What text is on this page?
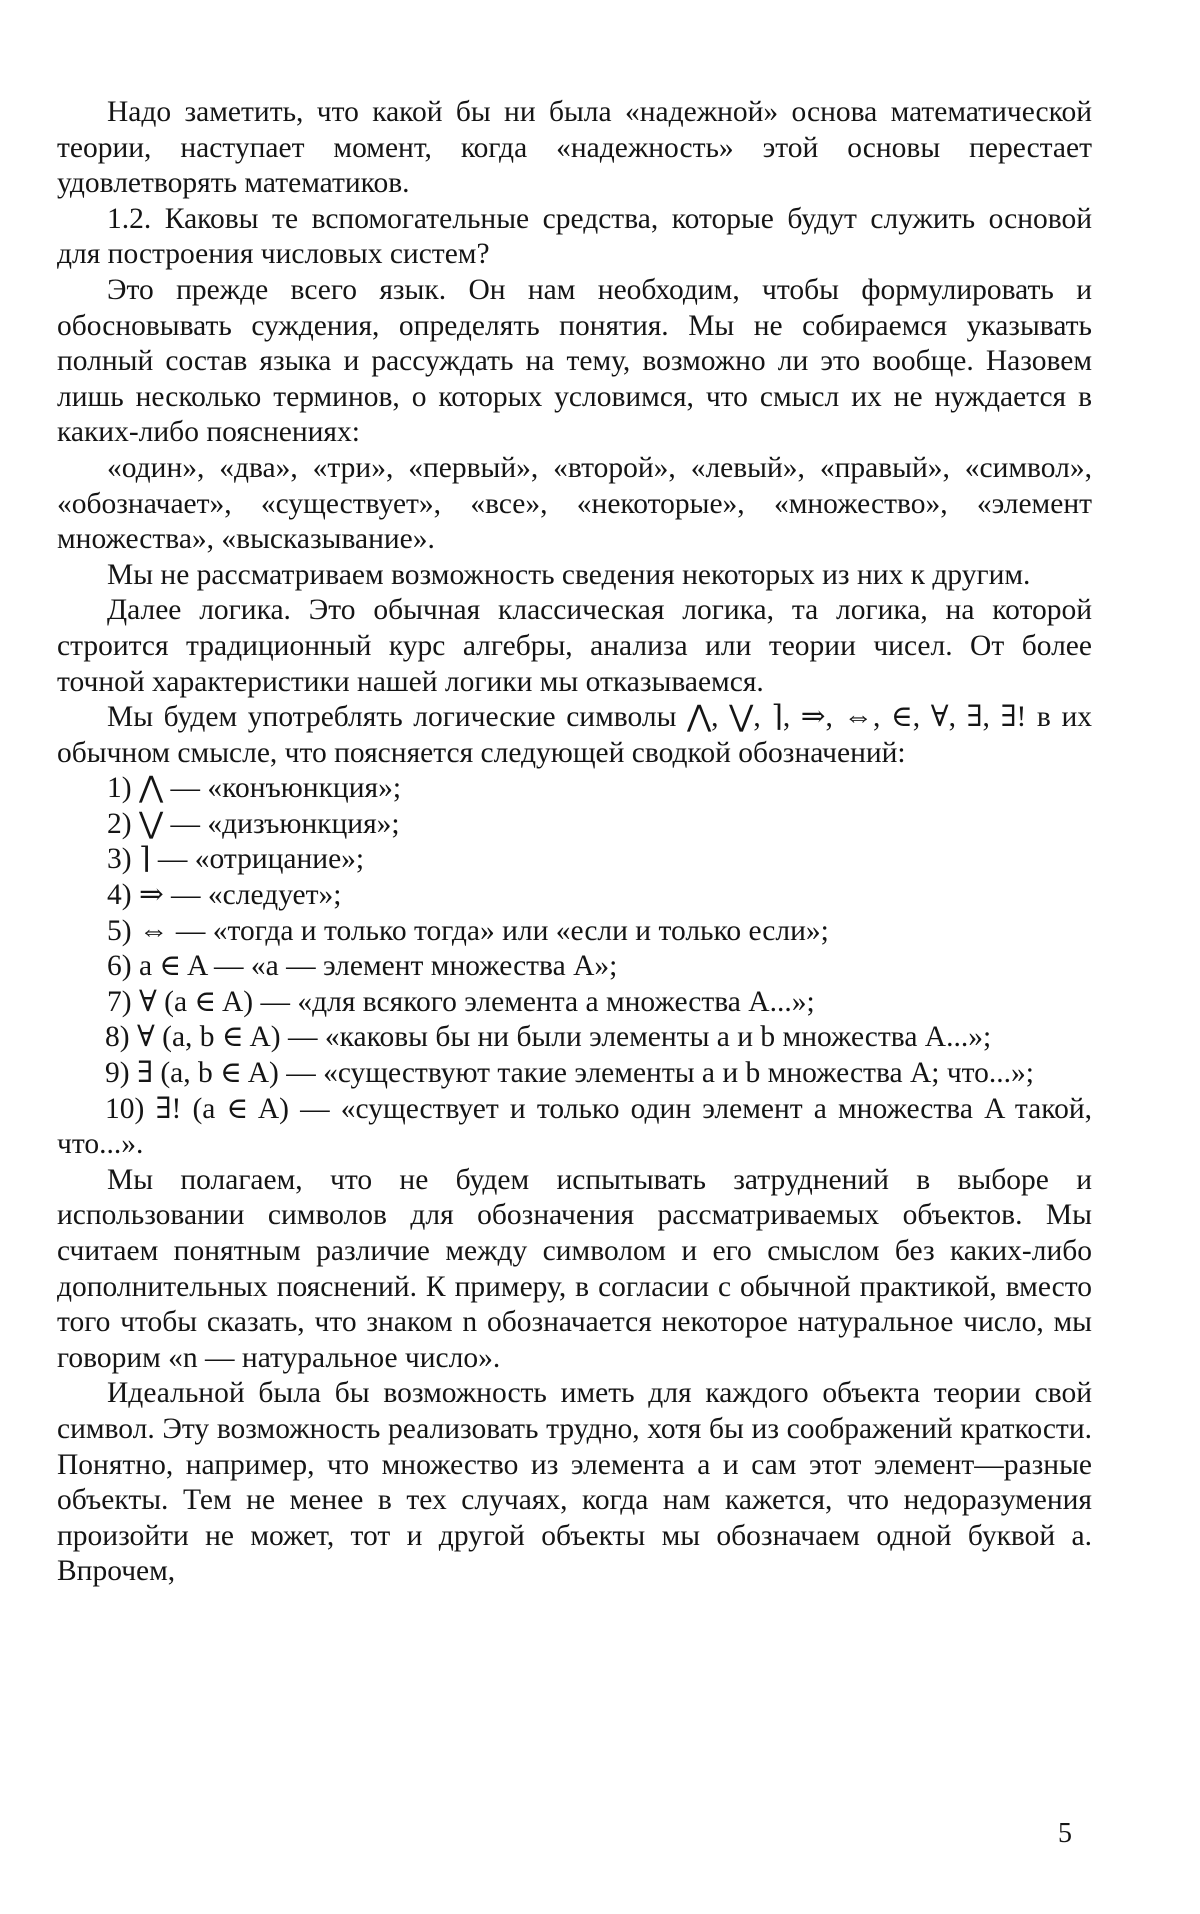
Надо заметить, что какой бы ни была «надежной» основа математической теории, наступает момент, когда «надежность» этой основы перестает удовлетворять математиков.

1.2. Каковы те вспомогательные средства, которые будут служить основой для построения числовых систем?

Это прежде всего язык. Он нам необходим, чтобы формулировать и обосновывать суждения, определять понятия. Мы не собираемся указывать полный состав языка и рассуждать на тему, возможно ли это вообще. Назовем лишь несколько терминов, о которых условимся, что смысл их не нуждается в каких-либо пояснениях:

«один», «два», «три», «первый», «второй», «левый», «правый», «символ», «обозначает», «существует», «все», «некоторые», «множество», «элемент множества», «высказывание».

Мы не рассматриваем возможность сведения некоторых из них к другим.

Далее логика. Это обычная классическая логика, та логика, на которой строится традиционный курс алгебры, анализа или теории чисел. От более точной характеристики нашей логики мы отказываемся.

Мы будем употреблять логические символы ⋀, ⋁, ⌉, ⇒, ⇔, ∈, ∀, ∃, ∃! в их обычном смысле, что поясняется следующей сводкой обозначений:

1) ⋀ — «конъюнкция»;

2) ⋁ — «дизъюнкция»;

3) ⌉ — «отрицание»;

4) ⇒ — «следует»;

5) ⇔ — «тогда и только тогда» или «если и только если»;

6) a ∈ A — «a — элемент множества A»;

7) ∀ (a ∈ A) — «для всякого элемента a множества A...»;

8) ∀ (a, b ∈ A) — «каковы бы ни были элементы a и b множества A...»;

9) ∃ (a, b ∈ A) — «существуют такие элементы a и b множества A; что...»;

10) ∃! (a ∈ A) — «существует и только один элемент a множества A такой, что...».

Мы полагаем, что не будем испытывать затруднений в выборе и использовании символов для обозначения рассматриваемых объектов. Мы считаем понятным различие между символом и его смыслом без каких-либо дополнительных пояснений. К примеру, в согласии с обычной практикой, вместо того чтобы сказать, что знаком n обозначается некоторое натуральное число, мы говорим «n — натуральное число».

Идеальной была бы возможность иметь для каждого объекта теории свой символ. Эту возможность реализовать трудно, хотя бы из соображений краткости. Понятно, например, что множество из элемента a и сам этот элемент—разные объекты. Тем не менее в тех случаях, когда нам кажется, что недоразумения произойти не может, тот и другой объекты мы обозначаем одной буквой a. Впрочем,

5
